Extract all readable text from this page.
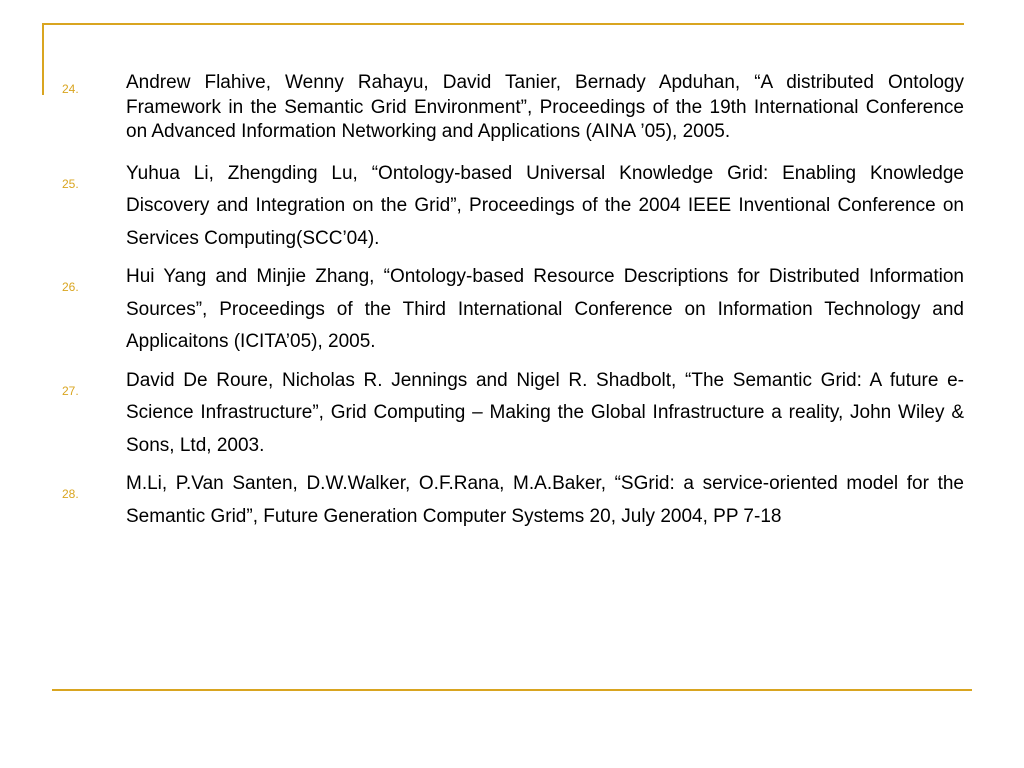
24. Andrew Flahive, Wenny Rahayu, David Tanier, Bernady Apduhan, “A distributed Ontology Framework in the Semantic Grid Environment”, Proceedings of the 19th International Conference on Advanced Information Networking and Applications (AINA ’05), 2005.
25. Yuhua Li, Zhengding Lu, “Ontology-based Universal Knowledge Grid: Enabling Knowledge Discovery and Integration on the Grid”, Proceedings of the 2004 IEEE Inventional Conference on Services Computing(SCC’04).
26. Hui Yang and Minjie Zhang, “Ontology-based Resource Descriptions for Distributed Information Sources”, Proceedings of the Third International Conference on Information Technology and Applicaitons (ICITA’05), 2005.
27. David De Roure, Nicholas R. Jennings and Nigel R. Shadbolt, “The Semantic Grid: A future e-Science Infrastructure”, Grid Computing – Making the Global Infrastructure a reality, John Wiley & Sons, Ltd, 2003.
28. M.Li, P.Van Santen, D.W.Walker, O.F.Rana, M.A.Baker, “SGrid: a service-oriented model for the Semantic Grid”, Future Generation Computer Systems 20, July 2004, PP 7-18
